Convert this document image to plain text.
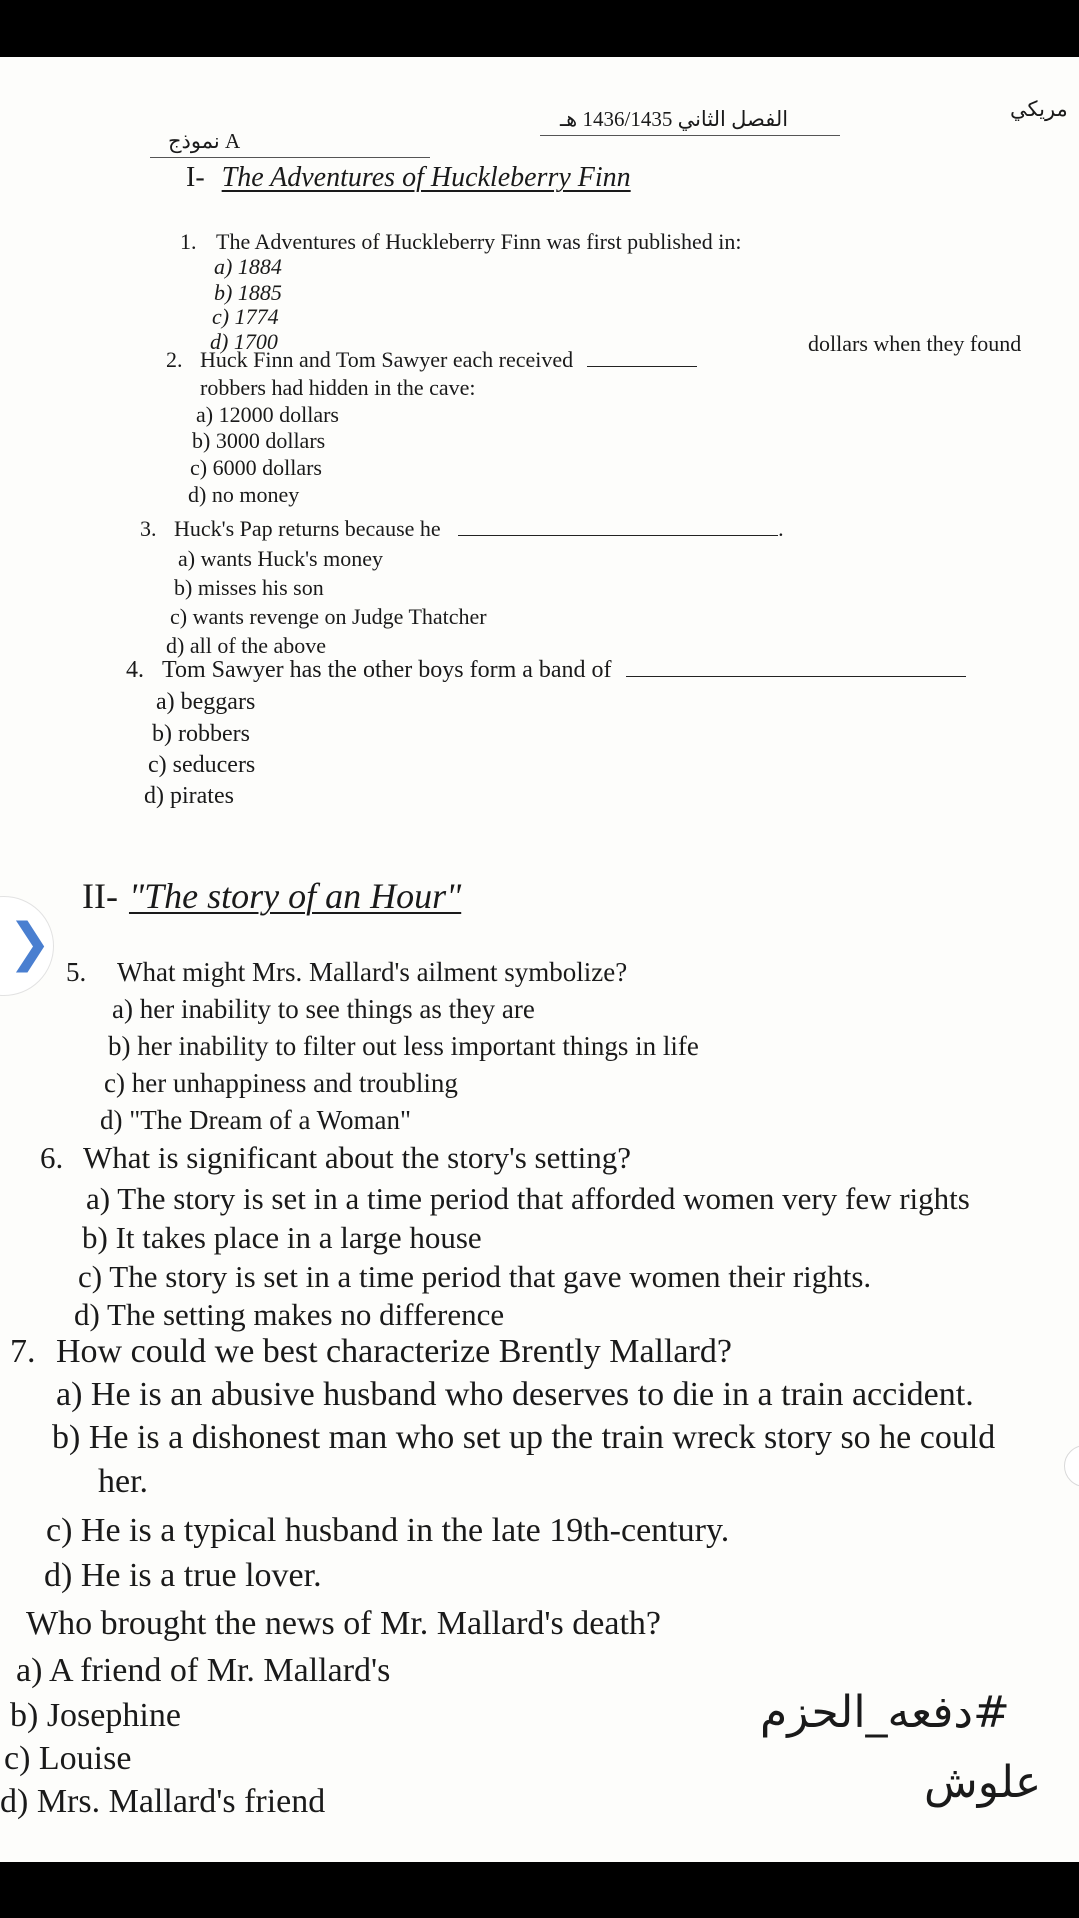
نموذج A
الفصل الثاني 1436/1435 هـ	مريكي
I- The Adventures of Huckleberry Finn
1. The Adventures of Huckleberry Finn was first published in:
a) 1884
b) 1885
c) 1774
d) 1700
2. Huck Finn and Tom Sawyer each received
dollars when they found
robbers had hidden in the cave:
a) 12000 dollars
b) 3000 dollars
c) 6000 dollars
d) no money
3. Huck's Pap returns because he	.
a) wants Huck's money
b) misses his son
c) wants revenge on Judge Thatcher
d) all of the above
4. Tom Sawyer has the other boys form a band of
a) beggars
b) robbers
c) seducers
d) pirates
II- "The story of an Hour"
5. What might Mrs. Mallard's ailment symbolize?
a) her inability to see things as they are
b) her inability to filter out less important things in life
c) her unhappiness and troubling
d) "The Dream of a Woman"
6. What is significant about the story's setting?
a) The story is set in a time period that afforded women very few rights
b) It takes place in a large house
c) The story is set in a time period that gave women their rights.
d) The setting makes no difference
7. How could we best characterize Brently Mallard?
a) He is an abusive husband who deserves to die in a train accident.
b) He is a dishonest man who set up the train wreck story so he could
her.
c) He is a typical husband in the late 19th-century.
d) He is a true lover.
Who brought the news of Mr. Mallard's death?
a) A friend of Mr. Mallard's
b) Josephine
c) Louise
d) Mrs. Mallard's friend
#دفعه_الحزم
علوش
❯
